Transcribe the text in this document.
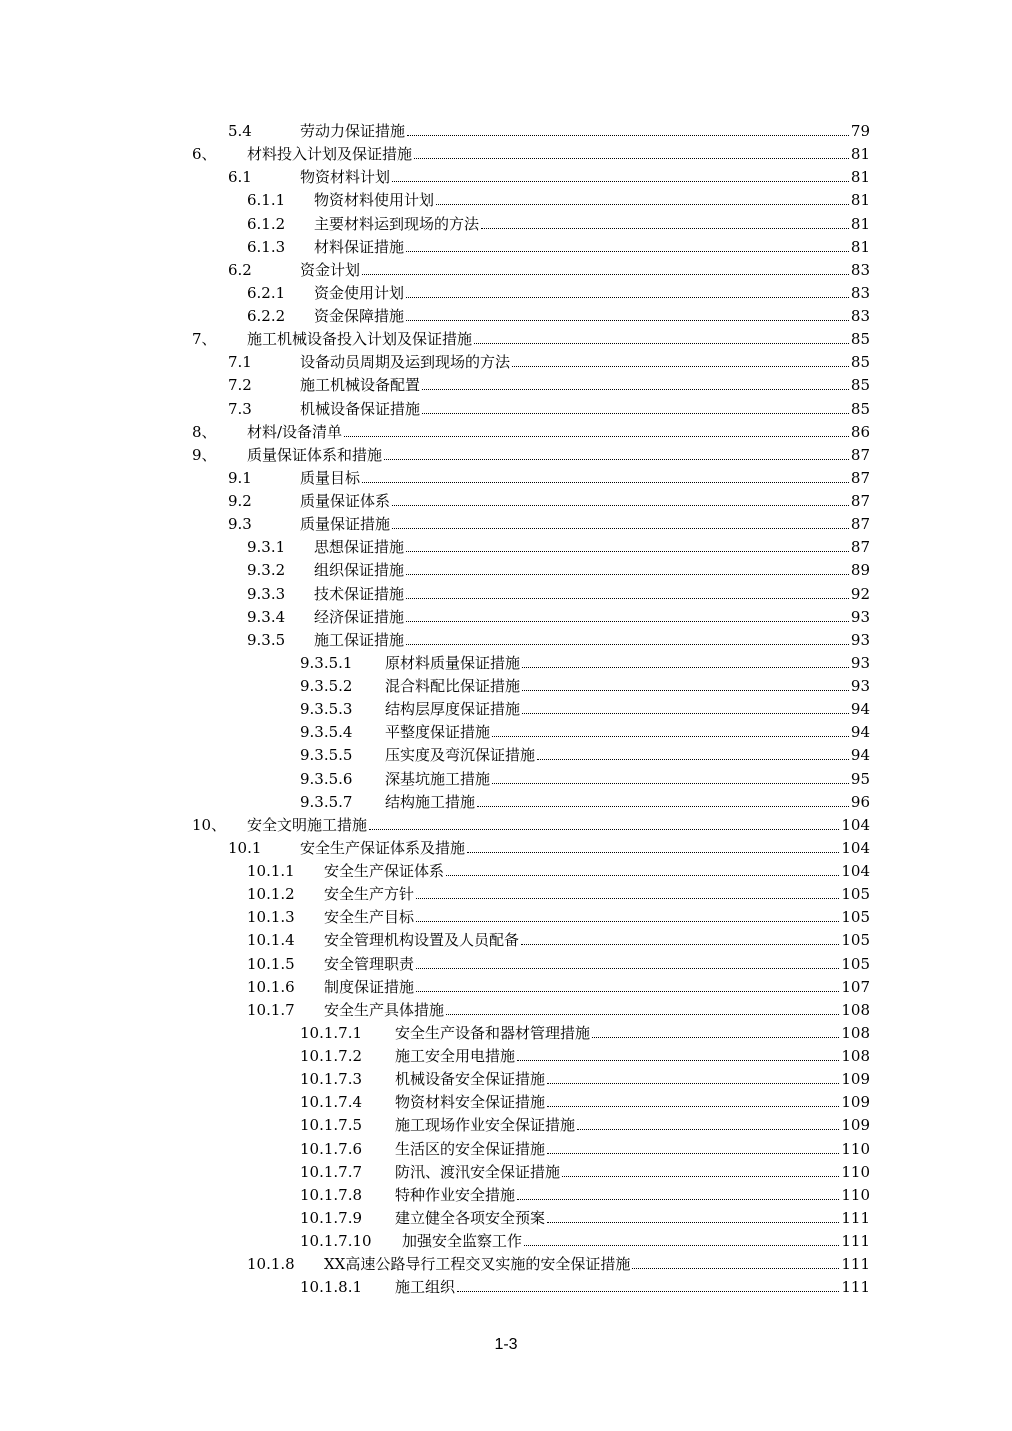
5.4	劳动力保证措施	79
6、 材料投入计划及保证措施	81
6.1	物资材料计划	81
6.1.1 物资材料使用计划	81
6.1.2 主要材料运到现场的方法	81
6.1.3 材料保证措施	81
6.2	资金计划	83
6.2.1 资金使用计划	83
6.2.2 资金保障措施	83
7、 施工机械设备投入计划及保证措施	85
7.1	设备动员周期及运到现场的方法	85
7.2	施工机械设备配置	85
7.3	机械设备保证措施	85
8、 材料/设备清单	86
9、 质量保证体系和措施	87
9.1	质量目标	87
9.2	质量保证体系	87
9.3	质量保证措施	87
9.3.1 思想保证措施	87
9.3.2 组织保证措施	89
9.3.3 技术保证措施	92
9.3.4 经济保证措施	93
9.3.5 施工保证措施	93
9.3.5.1 原材料质量保证措施	93
9.3.5.2 混合料配比保证措施	93
9.3.5.3 结构层厚度保证措施	94
9.3.5.4 平整度保证措施	94
9.3.5.5 压实度及弯沉保证措施	94
9.3.5.6 深基坑施工措施	95
9.3.5.7 结构施工措施	96
10、 安全文明施工措施	104
10.1	安全生产保证体系及措施	104
10.1.1 安全生产保证体系	104
10.1.2 安全生产方针	105
10.1.3 安全生产目标	105
10.1.4 安全管理机构设置及人员配备	105
10.1.5 安全管理职责	105
10.1.6 制度保证措施	107
10.1.7 安全生产具体措施	108
10.1.7.1 安全生产设备和器材管理措施	108
10.1.7.2 施工安全用电措施	108
10.1.7.3 机械设备安全保证措施	109
10.1.7.4 物资材料安全保证措施	109
10.1.7.5 施工现场作业安全保证措施	109
10.1.7.6 生活区的安全保证措施	110
10.1.7.7 防汛、渡汛安全保证措施	110
10.1.7.8 特种作业安全措施	110
10.1.7.9 建立健全各项安全预案	111
10.1.7.10 加强安全监察工作	111
10.1.8 XX高速公路导行工程交叉实施的安全保证措施	111
10.1.8.1 施工组织	111
1-3
